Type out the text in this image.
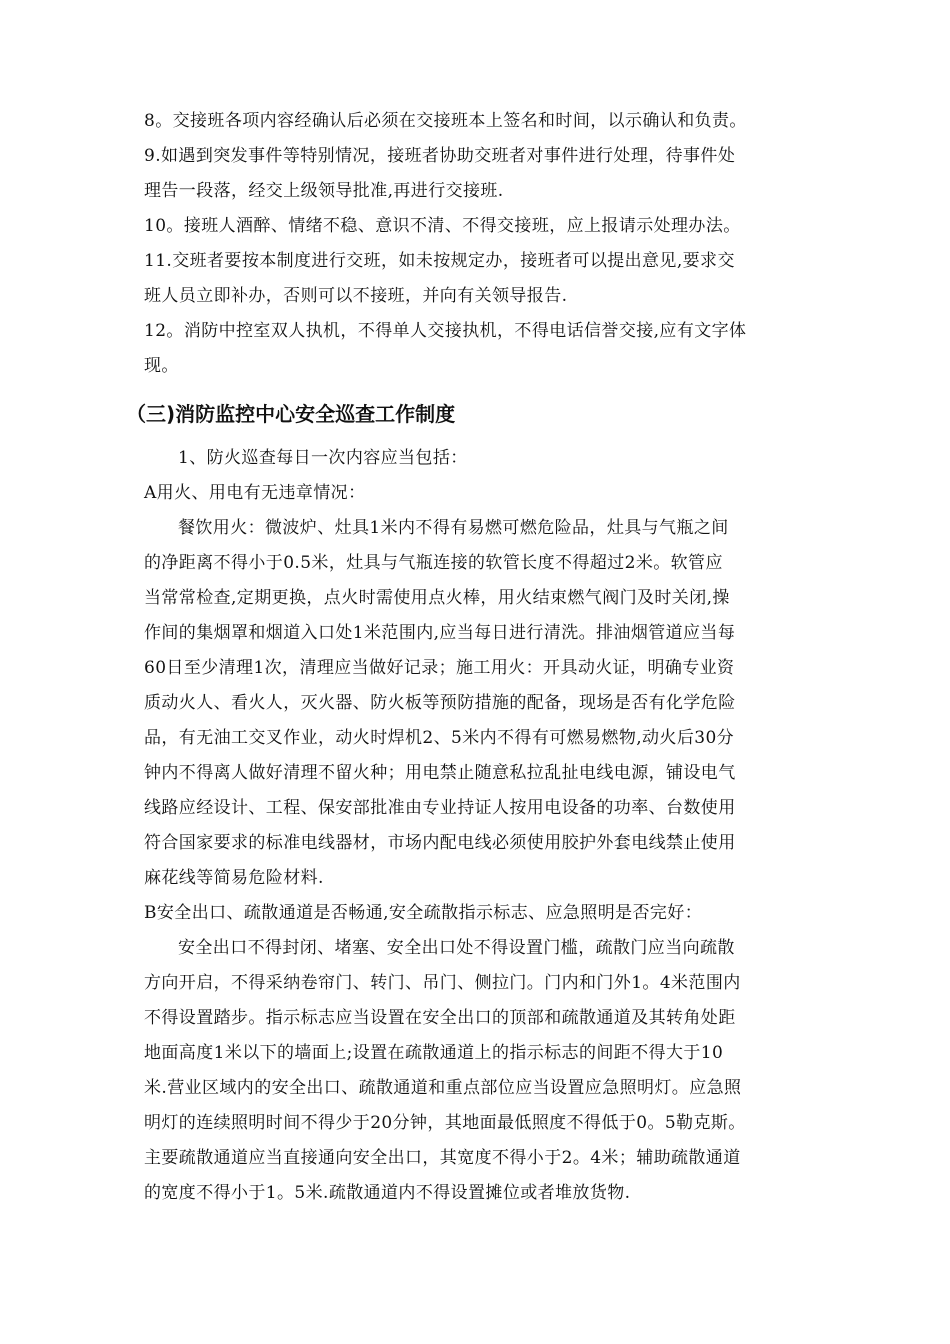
8。交接班各项内容经确认后必须在交接班本上签名和时间，以示确认和负责。
9.如遇到突发事件等特别情况，接班者协助交班者对事件进行处理，待事件处
理告一段落，经交上级领导批准,再进行交接班.
10。接班人酒醉、情绪不稳、意识不清、不得交接班，应上报请示处理办法。
11.交班者要按本制度进行交班，如未按规定办，接班者可以提出意见,要求交
班人员立即补办，否则可以不接班，并向有关领导报告.
12。消防中控室双人执机，不得单人交接执机，不得电话信誉交接,应有文字体
现。
（三)消防监控中心安全巡查工作制度
1、防火巡查每日一次内容应当包括：
A用火、用电有无违章情况：
餐饮用火：微波炉、灶具1米内不得有易燃可燃危险品，灶具与气瓶之间
的净距离不得小于0.5米，灶具与气瓶连接的软管长度不得超过2米。软管应
当常常检查,定期更换，点火时需使用点火棒，用火结束燃气阀门及时关闭,操
作间的集烟罩和烟道入口处1米范围内,应当每日进行清洗。排油烟管道应当每
60日至少清理1次，清理应当做好记录；施工用火：开具动火证，明确专业资
质动火人、看火人，灭火器、防火板等预防措施的配备，现场是否有化学危险
品，有无油工交叉作业，动火时焊机2、5米内不得有可燃易燃物,动火后30分
钟内不得离人做好清理不留火种；用电禁止随意私拉乱扯电线电源，铺设电气
线路应经设计、工程、保安部批准由专业持证人按用电设备的功率、台数使用
符合国家要求的标准电线器材，市场内配电线必须使用胶护外套电线禁止使用
麻花线等简易危险材料.
B安全出口、疏散通道是否畅通,安全疏散指示标志、应急照明是否完好：
安全出口不得封闭、堵塞、安全出口处不得设置门槛，疏散门应当向疏散
方向开启，不得采纳卷帘门、转门、吊门、侧拉门。门内和门外1。4米范围内
不得设置踏步。指示标志应当设置在安全出口的顶部和疏散通道及其转角处距
地面高度1米以下的墙面上;设置在疏散通道上的指示标志的间距不得大于10
米.营业区域内的安全出口、疏散通道和重点部位应当设置应急照明灯。应急照
明灯的连续照明时间不得少于20分钟，其地面最低照度不得低于0。5勒克斯。
主要疏散通道应当直接通向安全出口，其宽度不得小于2。4米；辅助疏散通道
的宽度不得小于1。5米.疏散通道内不得设置摊位或者堆放货物.
